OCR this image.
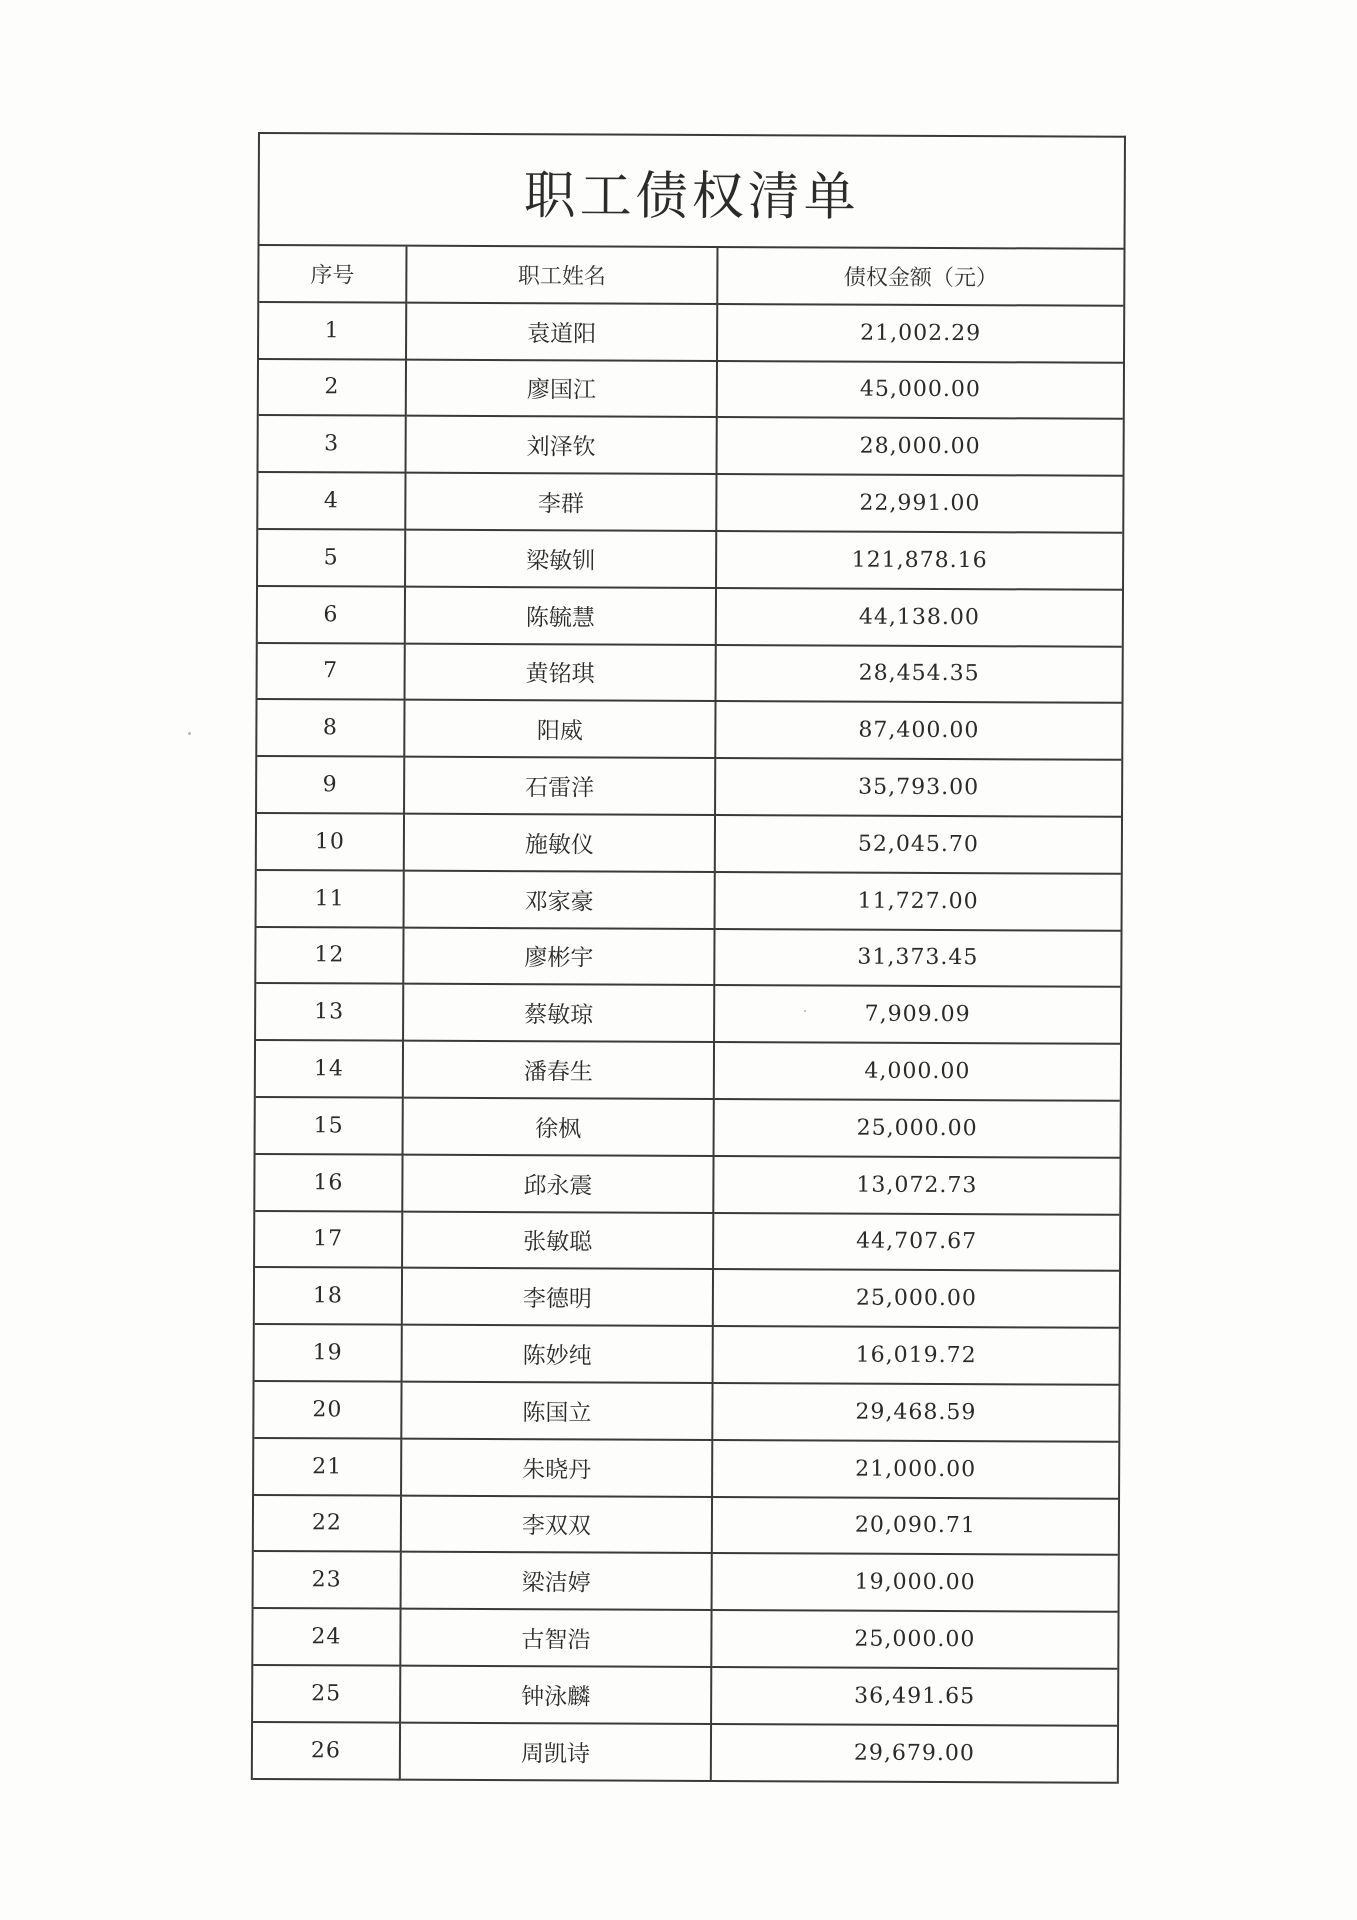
职工债权清单
序号	职工姓名	债权金额（元）
1	袁道阳	21,002.29
2	廖国江	45,000.00
3	刘泽钦	28,000.00
4	李群	22,991.00
5	梁敏钏	121,878.16
6	陈毓慧	44,138.00
7	黄铭琪	28,454.35
8	阳威	87,400.00
9	石雷洋	35,793.00
10	施敏仪	52,045.70
11	邓家豪	11,727.00
12	廖彬宇	31,373.45
13	蔡敏琼	7,909.09
14	潘春生	4,000.00
15	徐枫	25,000.00
16	邱永震	13,072.73
17	张敏聪	44,707.67
18	李德明	25,000.00
19	陈妙纯	16,019.72
20	陈国立	29,468.59
21	朱晓丹	21,000.00
22	李双双	20,090.71
23	梁洁婷	19,000.00
24	古智浩	25,000.00
25	钟泳麟	36,491.65
26	周凯诗	29,679.00
